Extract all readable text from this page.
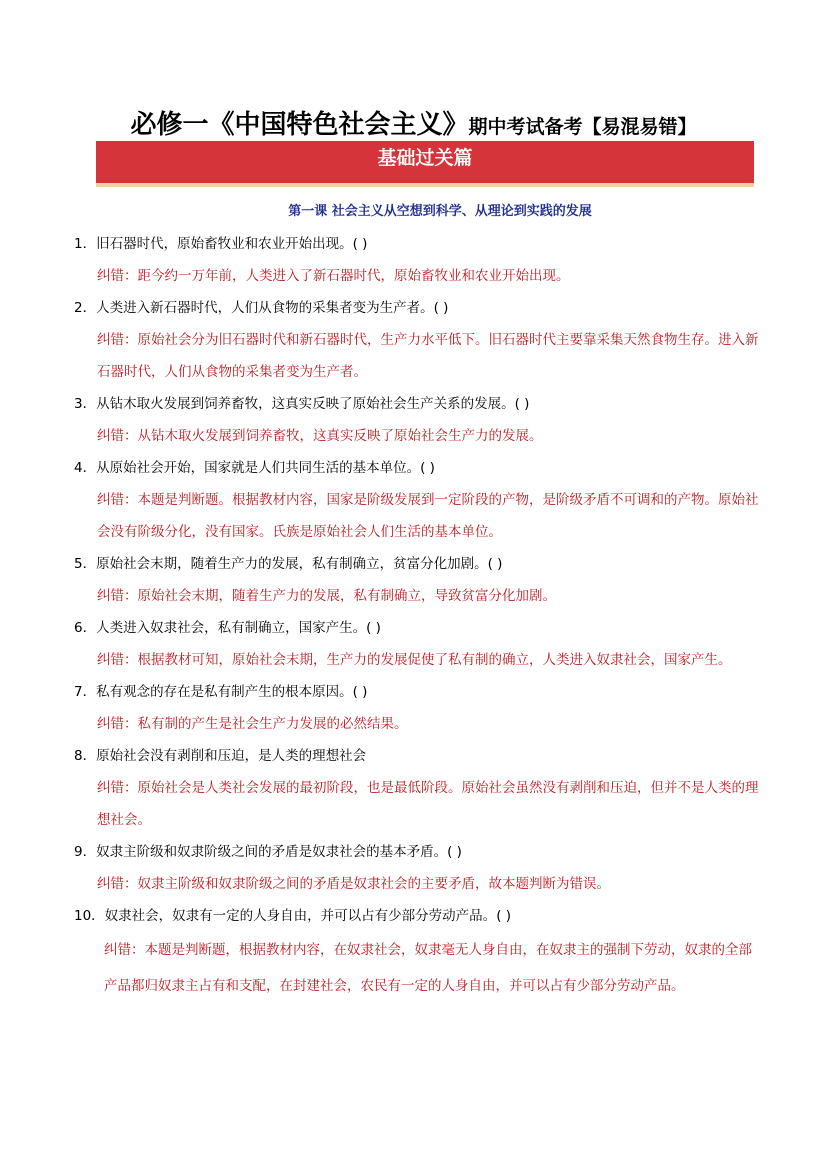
必修一《中国特色社会主义》期中考试备考【易混易错】
基础过关篇
第一课 社会主义从空想到科学、从理论到实践的发展
1．旧石器时代，原始畜牧业和农业开始出现。( )
纠错：距今约一万年前，人类进入了新石器时代，原始畜牧业和农业开始出现。
2．人类进入新石器时代，人们从食物的采集者变为生产者。( )
纠错：原始社会分为旧石器时代和新石器时代，生产力水平低下。旧石器时代主要靠采集天然食物生存。进入新石器时代，人们从食物的采集者变为生产者。
3．从钻木取火发展到饲养畜牧，这真实反映了原始社会生产关系的发展。( )
纠错：从钻木取火发展到饲养畜牧，这真实反映了原始社会生产力的发展。
4．从原始社会开始，国家就是人们共同生活的基本单位。( )
纠错：本题是判断题。根据教材内容，国家是阶级发展到一定阶段的产物，是阶级矛盾不可调和的产物。原始社会没有阶级分化，没有国家。氏族是原始社会人们生活的基本单位。
5．原始社会末期，随着生产力的发展，私有制确立，贫富分化加剧。( )
纠错：原始社会末期，随着生产力的发展，私有制确立，导致贫富分化加剧。
6．人类进入奴隶社会，私有制确立，国家产生。( )
纠错：根据教材可知，原始社会末期，生产力的发展促使了私有制的确立，人类进入奴隶社会，国家产生。
7．私有观念的存在是私有制产生的根本原因。( )
纠错：私有制的产生是社会生产力发展的必然结果。
8．原始社会没有剥削和压迫，是人类的理想社会
纠错：原始社会是人类社会发展的最初阶段，也是最低阶段。原始社会虽然没有剥削和压迫，但并不是人类的理想社会。
9．奴隶主阶级和奴隶阶级之间的矛盾是奴隶社会的基本矛盾。( )
纠错：奴隶主阶级和奴隶阶级之间的矛盾是奴隶社会的主要矛盾，故本题判断为错误。
10．奴隶社会，奴隶有一定的人身自由，并可以占有少部分劳动产品。( )
纠错：本题是判断题，根据教材内容，在奴隶社会，奴隶毫无人身自由，在奴隶主的强制下劳动，奴隶的全部产品都归奴隶主占有和支配，在封建社会，农民有一定的人身自由，并可以占有少部分劳动产品。
